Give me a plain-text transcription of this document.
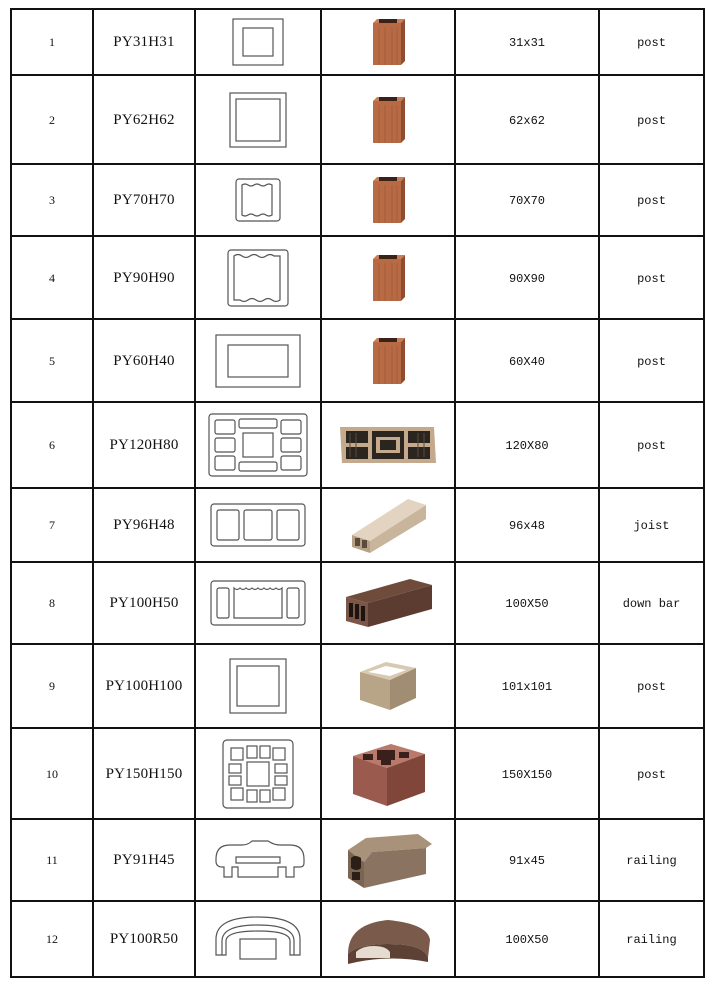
1	PY31H31			31x31	post
2	PY62H62			62x62	post
3	PY70H70			70X70	post
4	PY90H90			90X90	post
5	PY60H40			60X40	post
6	PY120H80			120X80	post
7	PY96H48			96x48	joist
8	PY100H50			100X50	down bar
9	PY100H100			101x101	post
10	PY150H150			150X150	post
11	PY91H45			91x45	railing
12	PY100R50			100X50	railing
